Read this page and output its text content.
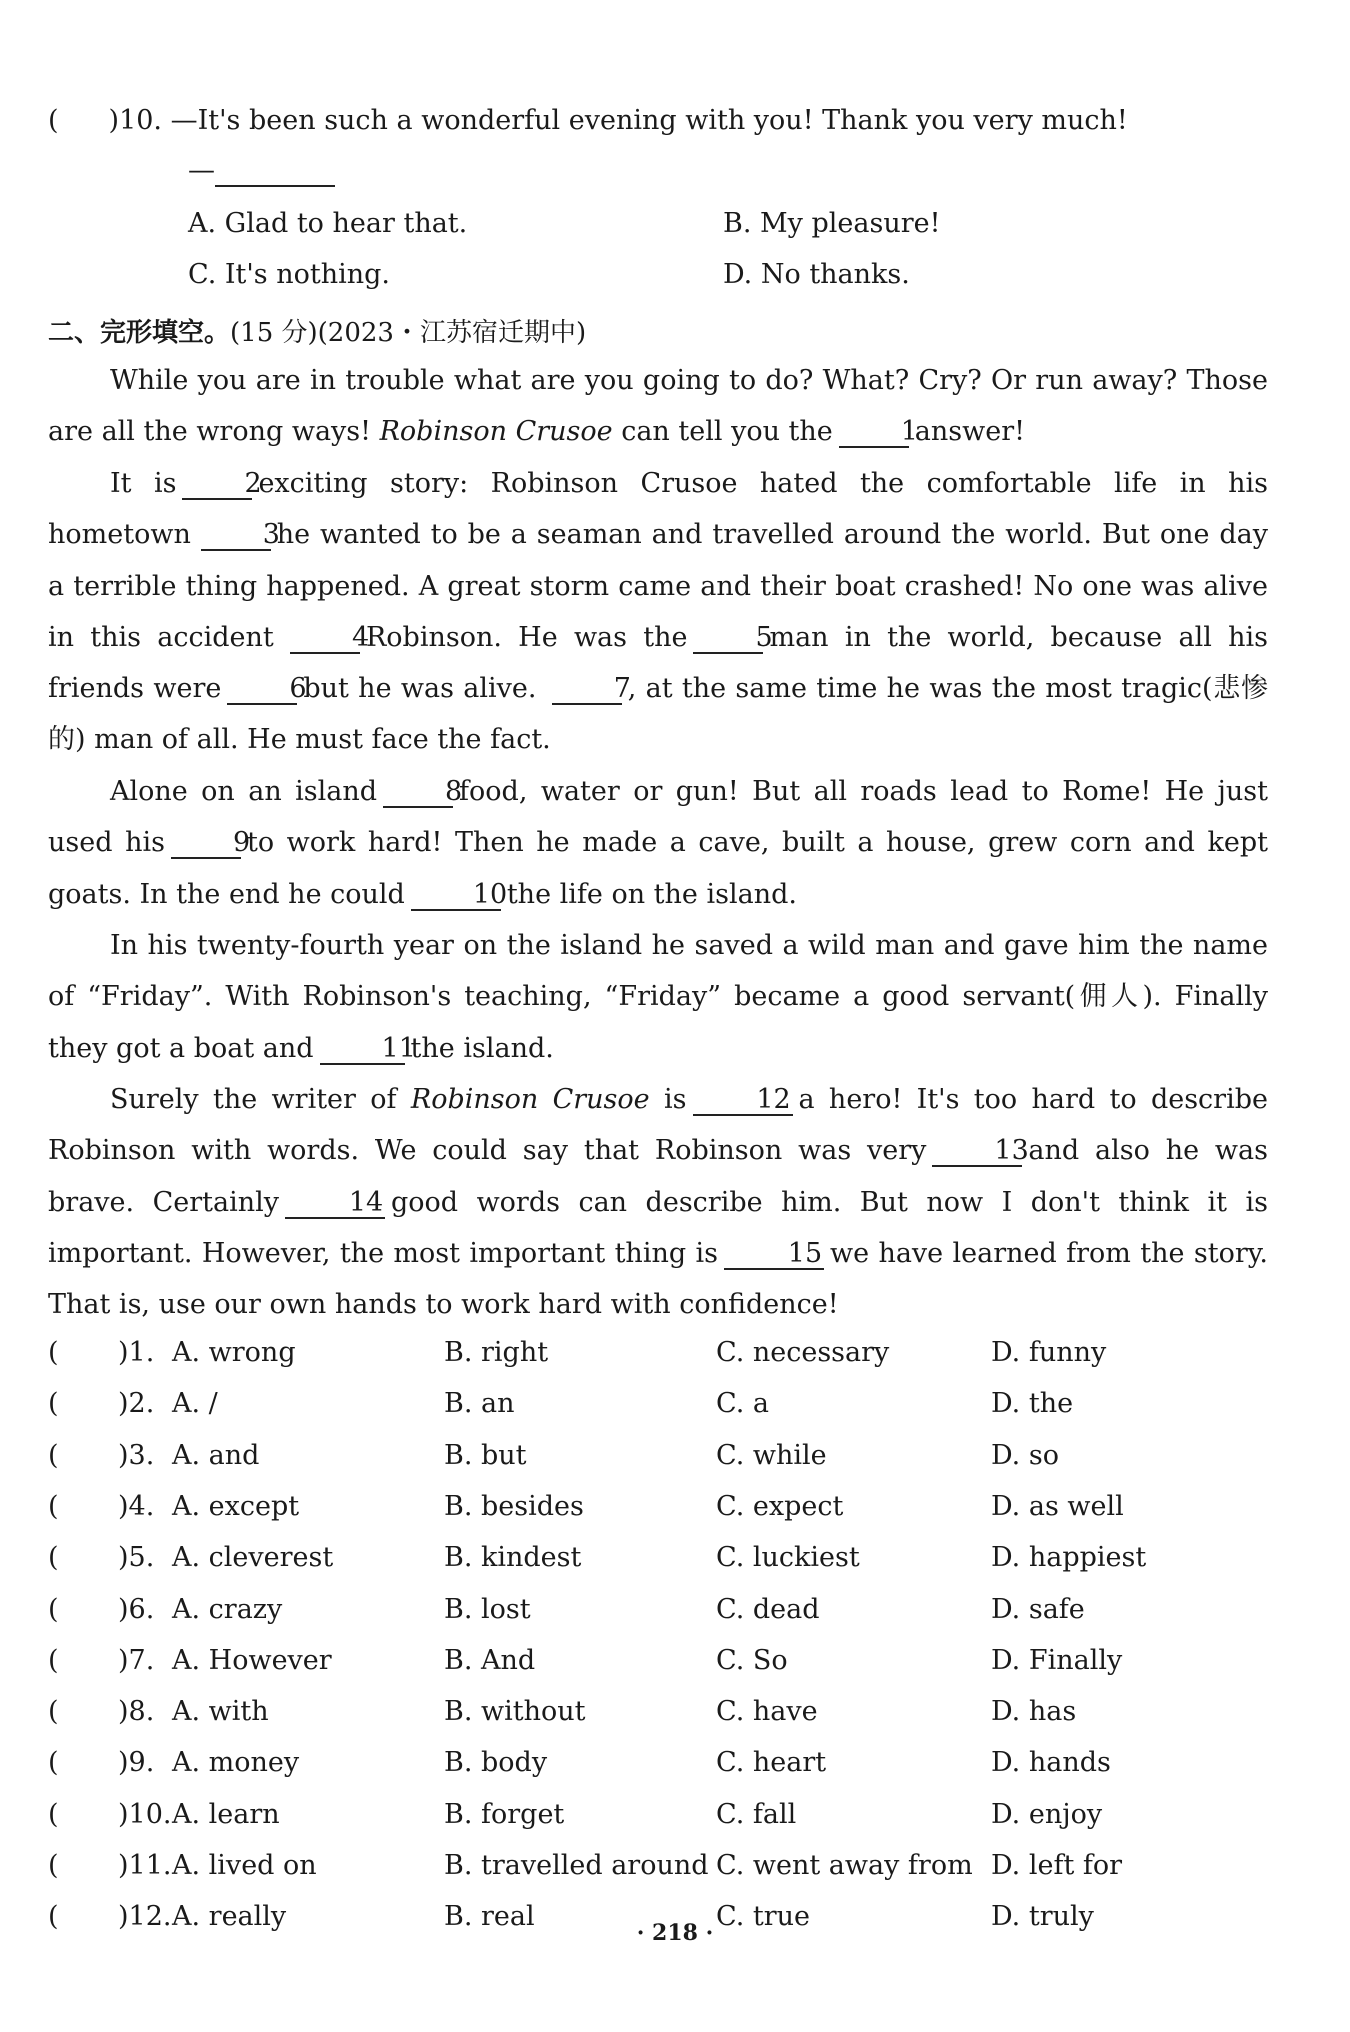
( )10. —It's been such a wonderful evening with you! Thank you very much!
—
A. Glad to hear that.	B. My pleasure!
C. It's nothing.	D. No thanks.
二、完形填空。(15 分)(2023・江苏宿迁期中)
While you are in trouble what are you going to do? What? Cry? Or run away? Those are all the wrong ways! Robinson Crusoe can tell you the	1answer!
It is	2exciting story: Robinson Crusoe hated the comfortable life in his hometown	3he wanted to be a seaman and travelled around the world. But one day a terrible thing happened. A great storm came and their boat crashed! No one was alive in this accident	4Robinson. He was the	5man in the world, because all his friends were	6but he was alive.	7, at the same time he was the most tragic(悲惨的) man of all. He must face the fact.
Alone on an island	8food, water or gun! But all roads lead to Rome! He just used his	9to work hard! Then he made a cave, built a house, grew corn and kept goats. In the end he could	10the life on the island.
In his twenty-fourth year on the island he saved a wild man and gave him the name of “Friday”. With Robinson's teaching, “Friday” became a good servant(佣人). Finally they got a boat and	11the island.
Surely the writer of Robinson Crusoe is	12 a hero! It's too hard to describe Robinson with words. We could say that Robinson was very	13and also he was brave. Certainly	14 good words can describe him. But now I don't think it is important. However, the most important thing is	15 we have learned from the story. That is, use our own hands to work hard with confidence!
( )1. A. wrong	B. right	C. necessary	D. funny
( )2. A. /	B. an	C. a	D. the
( )3. A. and	B. but	C. while	D. so
( )4. A. except	B. besides	C. expect	D. as well
( )5. A. cleverest	B. kindest	C. luckiest	D. happiest
( )6. A. crazy	B. lost	C. dead	D. safe
( )7. A. However	B. And	C. So	D. Finally
( )8. A. with	B. without	C. have	D. has
( )9. A. money	B. body	C. heart	D. hands
( )10. A. learn	B. forget	C. fall	D. enjoy
( )11. A. lived on	B. travelled around C. went away from D. left for
( )12. A. really	B. real	C. true	D. truly
· 218 ·
